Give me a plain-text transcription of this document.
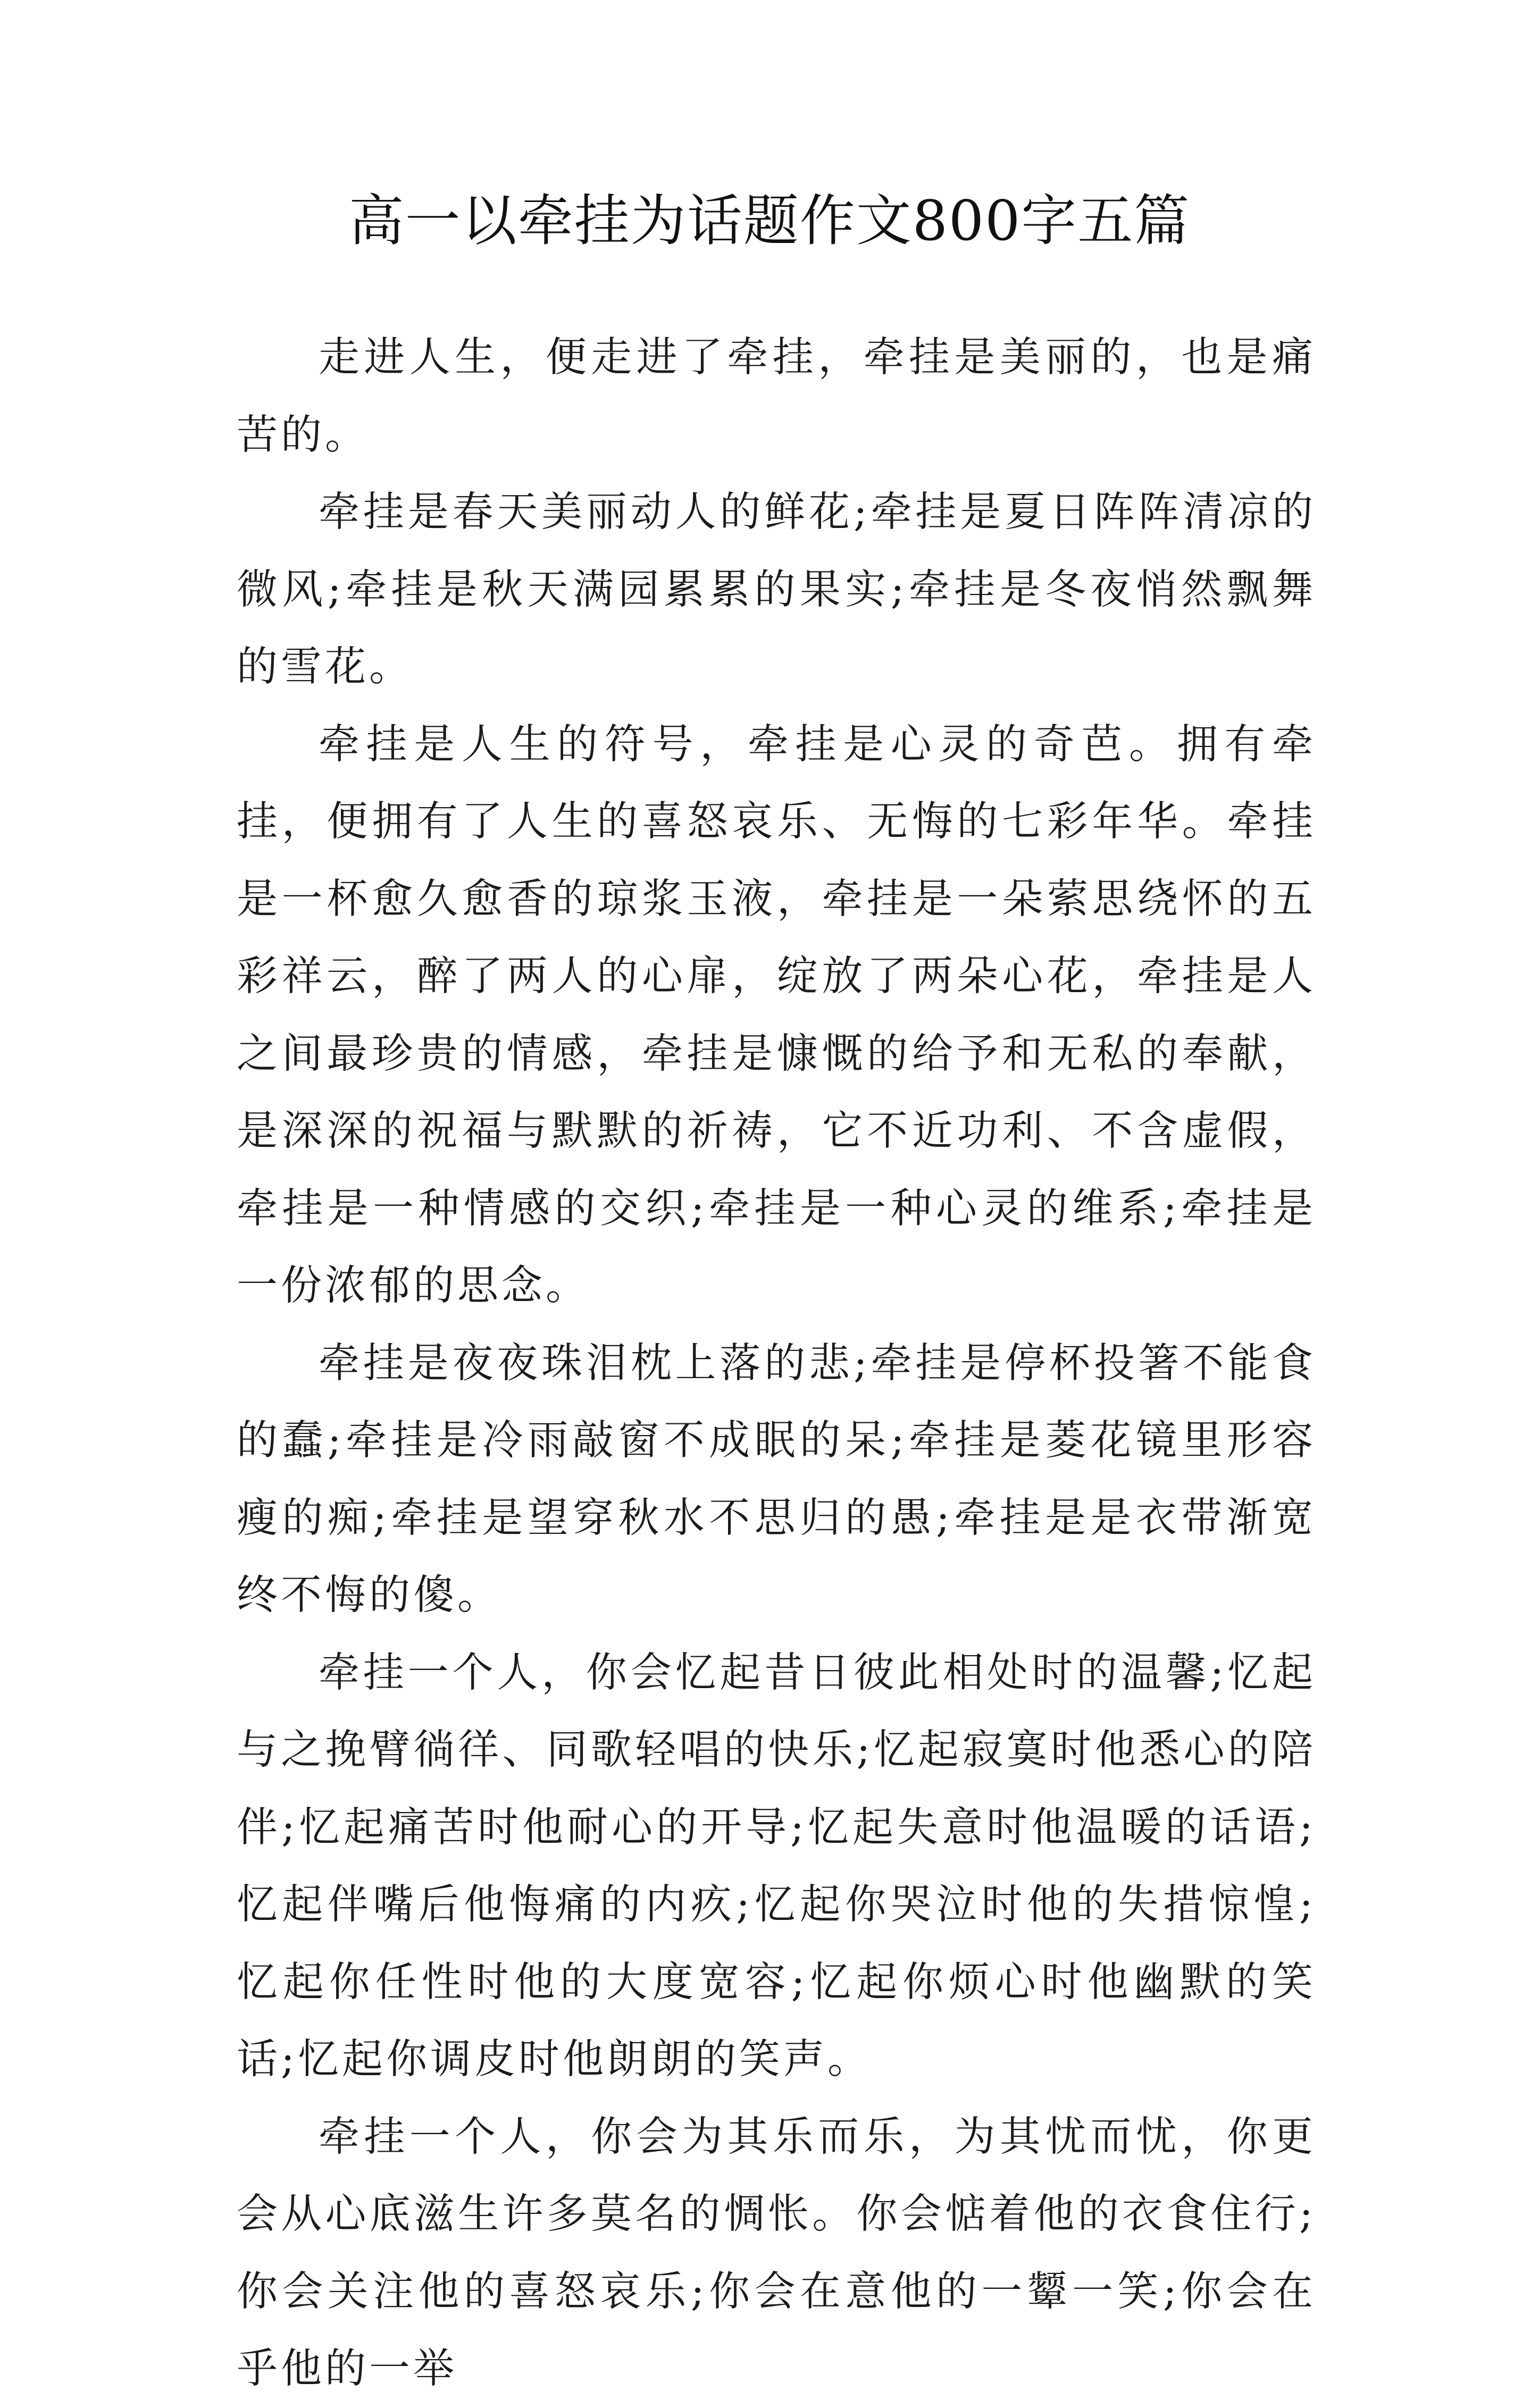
高一以牵挂为话题作文800字五篇

走进人生，便走进了牵挂，牵挂是美丽的，也是痛苦的。

牵挂是春天美丽动人的鲜花;牵挂是夏日阵阵清凉的微风;牵挂是秋天满园累累的果实;牵挂是冬夜悄然飘舞的雪花。

牵挂是人生的符号，牵挂是心灵的奇芭。拥有牵挂，便拥有了人生的喜怒哀乐、无悔的七彩年华。牵挂是一杯愈久愈香的琼浆玉液，牵挂是一朵萦思绕怀的五彩祥云，醉了两人的心扉，绽放了两朵心花，牵挂是人之间最珍贵的情感，牵挂是慷慨的给予和无私的奉献，是深深的祝福与默默的祈祷，它不近功利、不含虚假，牵挂是一种情感的交织;牵挂是一种心灵的维系;牵挂是一份浓郁的思念。

牵挂是夜夜珠泪枕上落的悲;牵挂是停杯投箸不能食的蠢;牵挂是冷雨敲窗不成眠的呆;牵挂是菱花镜里形容瘦的痴;牵挂是望穿秋水不思归的愚;牵挂是是衣带渐宽终不悔的傻。

牵挂一个人，你会忆起昔日彼此相处时的温馨;忆起与之挽臂徜徉、同歌轻唱的快乐;忆起寂寞时他悉心的陪伴;忆起痛苦时他耐心的开导;忆起失意时他温暖的话语;忆起伴嘴后他悔痛的内疚;忆起你哭泣时他的失措惊惶;忆起你任性时他的大度宽容;忆起你烦心时他幽默的笑话;忆起你调皮时他朗朗的笑声。

牵挂一个人，你会为其乐而乐，为其忧而忧，你更会从心底滋生许多莫名的惆怅。你会惦着他的衣食住行;你会关注他的喜怒哀乐;你会在意他的一颦一笑;你会在乎他的一举
